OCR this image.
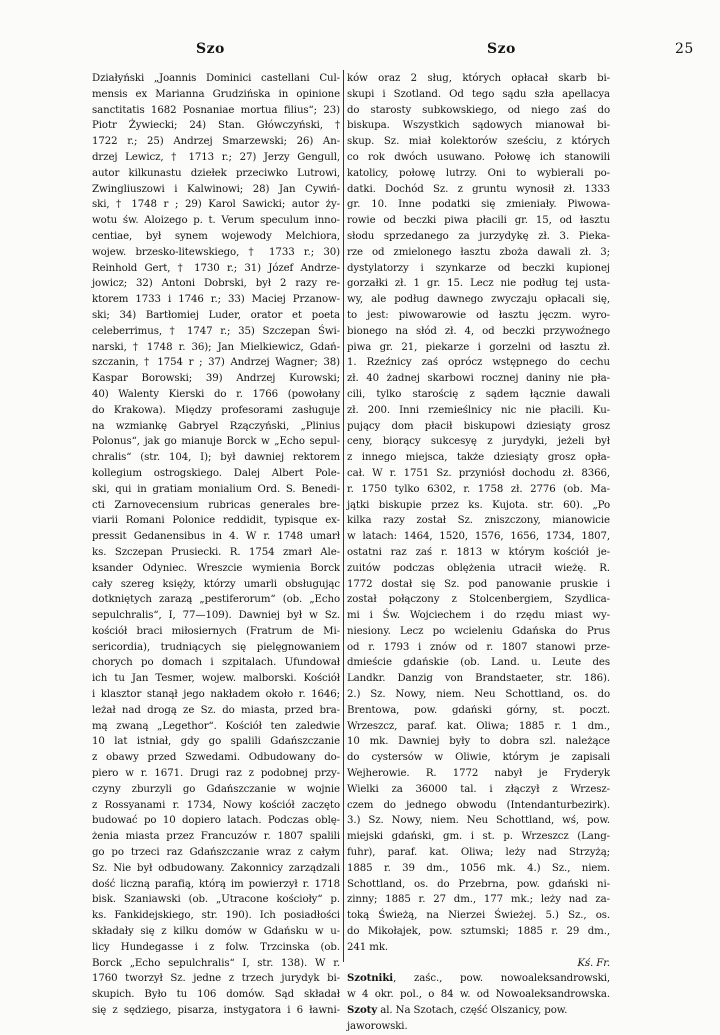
Szo	Szo	25
Działyński „Joannis Dominici castellani Cul-
mensis ex Marianna Grudzińska in opinione
sanctitatis 1682 Posnaniae mortua filius“; 23)
Piotr Żywiecki; 24) Stan. Główczyński, †
1722 r.; 25) Andrzej Smarzewski; 26) An-
drzej Lewicz, † 1713 r.; 27) Jerzy Gengull,
autor kilkunastu dziełek przeciwko Lutrowi,
Zwingliuszowi i Kalwinowi; 28) Jan Cywiń-
ski, † 1748 r ; 29) Karol Sawicki; autor ży-
wotu św. Aloizego p. t. Verum speculum inno-
centiae, był synem wojewody Melchiora,
wojew. brzesko-litewskiego, † 1733 r.; 30)
Reinhold Gert, † 1730 r.; 31) Józef Andrze-
jowicz; 32) Antoni Dobrski, był 2 razy re-
ktorem 1733 i 1746 r.; 33) Maciej Przanow-
ski; 34) Bartłomiej Luder, orator et poeta
celeberrimus, † 1747 r.; 35) Szczepan Świ-
narski, † 1748 r. 36); Jan Mielkiewicz, Gdań-
szczanin, † 1754 r ; 37) Andrzej Wagner; 38)
Kaspar Borowski; 39) Andrzej Kurowski;
40) Walenty Kierski do r. 1766 (powołany
do Krakowa). Między profesorami zasługuje
na wzmiankę Gabryel Rzączyński, „Plinius
Polonus“, jak go mianuje Borck w „Echo sepul-
chralis“ (str. 104, I); był dawniej rektorem
kollegium ostrogskiego. Dalej Albert Pole-
ski, qui in gratiam monialium Ord. S. Benedi-
cti Zarnovecensium rubricas generales bre-
viarii Romani Polonice reddidit, typisque ex-
pressit Gedanensibus in 4. W r. 1748 umarł
ks. Szczepan Prusiecki. R. 1754 zmarł Ale-
ksander Odyniec. Wreszcie wymienia Borck
cały szereg księży, którzy umarli obsługując
dotkniętych zarazą „pestiferorum“ (ob. „Echo
sepulchralis“, I, 77—109). Dawniej był w Sz.
kościół braci miłosiernych (Fratrum de Mi-
sericordia), trudniących się pielęgnowaniem
chorych po domach i szpitalach. Ufundował
ich tu Jan Tesmer, wojew. malborski. Kościół
i klasztor stanął jego nakładem około r. 1646;
leżał nad drogą ze Sz. do miasta, przed bra-
mą zwaną „Legethor“. Kościół ten zaledwie
10 lat istniał, gdy go spalili Gdańszczanie
z obawy przed Szwedami. Odbudowany do-
piero w r. 1671. Drugi raz z podobnej przy-
czyny zburzyli go Gdańszczanie w wojnie
z Rossyanami r. 1734, Nowy kościół zaczęto
budować po 10 dopiero latach. Podczas oblę-
żenia miasta przez Francuzów r. 1807 spalili
go po trzeci raz Gdańszczanie wraz z całym
Sz. Nie był odbudowany. Zakonnicy zarządzali
dość liczną parafią, którą im powierzył r. 1718
bisk. Szaniawski (ob. „Utracone kościoły“ p.
ks. Fankidejskiego, str. 190). Ich posiadłości
składały się z kilku domów w Gdańsku w u-
licy Hundegasse i z folw. Trzcinska (ob.
Borck „Echo sepulchralis“ I, str. 138). W r.
1760 tworzył Sz. jedne z trzech jurydyk bi-
skupich. Było tu 106 domów. Sąd składał
się z sędziego, pisarza, instygatora i 6 ławni-
ków oraz 2 sług, których opłacał skarb bi-
skupi i Szotland. Od tego sądu szła apellacya
do starosty subkowskiego, od niego zaś do
biskupa. Wszystkich sądowych mianował bi-
skup. Sz. miał kolektorów sześciu, z których
co rok dwóch usuwano. Połowę ich stanowili
katolicy, połowę lutrzy. Oni to wybierali po-
datki. Dochód Sz. z gruntu wynosił zł. 1333
gr. 10. Inne podatki się zmieniały. Piwowa-
rowie od beczki piwa płacili gr. 15, od łasztu
słodu sprzedanego za jurzydykę zł. 3. Pieka-
rze od zmielonego łasztu zboża dawali zł. 3;
dystylatorzy i szynkarze od beczki kupionej
gorzałki zł. 1 gr. 15. Lecz nie podług tej usta-
wy, ale podług dawnego zwyczaju opłacali się,
to jest: piwowarowie od łasztu jęczm. wyro-
bionego na słód zł. 4, od beczki przywoźnego
piwa gr. 21, piekarze i gorzelni od łasztu zł.
1. Rzeźnicy zaś oprócz wstępnego do cechu
zł. 40 żadnej skarbowi rocznej daniny nie pła-
cili, tylko starościę z sądem łącznie dawali
zł. 200. Inni rzemieślnicy nic nie płacili. Ku-
pujący dom płacił biskupowi dziesiąty grosz
ceny, biorący sukcesyę z jurydyki, jeżeli był
z innego miejsca, także dziesiąty grosz opła-
cał. W r. 1751 Sz. przyniósł dochodu zł. 8366,
r. 1750 tylko 6302, r. 1758 zł. 2776 (ob. Ma-
jątki biskupie przez ks. Kujota. str. 60). „Po
kilka razy został Sz. zniszczony, mianowicie
w latach: 1464, 1520, 1576, 1656, 1734, 1807,
ostatni raz zaś r. 1813 w którym kościół je-
zuitów podczas oblężenia utracił wieżę. R.
1772 dostał się Sz. pod panowanie pruskie i
został połączony z Stolcenbergiem, Szydlica-
mi i Św. Wojciechem i do rzędu miast wy-
niesiony. Lecz po wcieleniu Gdańska do Prus
od r. 1793 i znów od r. 1807 stanowi prze-
dmieście gdańskie (ob. Land. u. Leute des
Landkr. Danzig von Brandstaeter, str. 186).
2.) Sz. Nowy, niem. Neu Schottland, os. do
Brentowa, pow. gdański górny, st. poczt.
Wrzeszcz, paraf. kat. Oliwa; 1885 r. 1 dm.,
10 mk. Dawniej były to dobra szl. należące
do cystersów w Oliwie, którym je zapisali
Wejherowie. R. 1772 nabył je Fryderyk
Wielki za 36000 tal. i złączył z Wrzesz-
czem do jednego obwodu (Intendanturbezirk).
3.) Sz. Nowy, niem. Neu Schottland, wś, pow.
miejski gdański, gm. i st. p. Wrzeszcz (Lang-
fuhr), paraf. kat. Oliwa; leży nad Strzyżą;
1885 r. 39 dm., 1056 mk. 4.) Sz., niem.
Schottland, os. do Przebrna, pow. gdański ni-
zinny; 1885 r. 27 dm., 177 mk.; leży nad za-
toką Świeżą, na Nierzei Świeżej. 5.) Sz., os.
do Mikołajek, pow. sztumski; 1885 r. 29 dm.,
241 mk.
Kś. Fr.
Szotniki, zaśc., pow. nowoaleksandrowski,
w 4 okr. pol., o 84 w. od Nowoaleksandrowska.
Szoty al. Na Szotach, część Olszanicy, pow.
jaworowski.
